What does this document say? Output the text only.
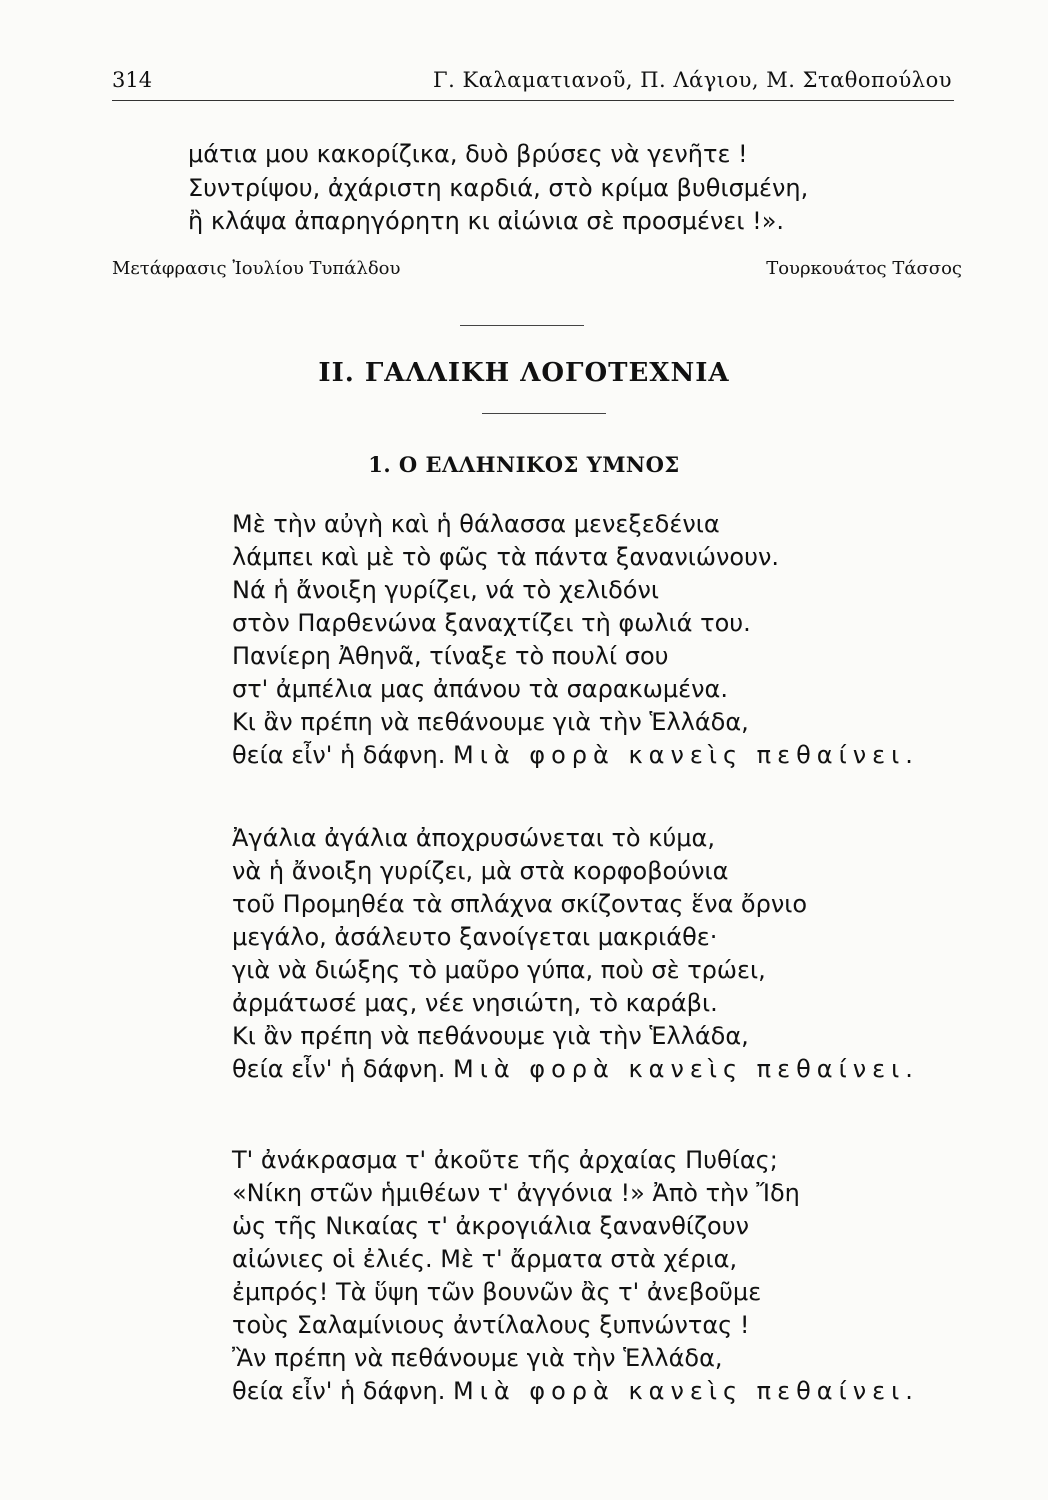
314	Γ. Καλαματιανοῦ, Π. Λάγιου, Μ. Σταθοπούλου
μάτια μου κακορίζικα, δυὸ βρύσες νὰ γενῆτε !
Συντρίψου, ἀχάριστη καρδιά, στὸ κρίμα βυθισμένη,
ἢ κλάψα ἀπαρηγόρητη κι αἰώνια σὲ προσμένει !».
Μετάφρασις Ἰουλίου Τυπάλδου	Τουρκουάτος Τάσσος
II. ΓΑΛΛΙΚΗ ΛΟΓΟΤΕΧΝΙΑ
1. Ο ΕΛΛΗΝΙΚΟΣ ΥΜΝΟΣ
Μὲ τὴν αὐγὴ καὶ ἡ θάλασσα μενεξεδένια
λάμπει καὶ μὲ τὸ φῶς τὰ πάντα ξανανιώνουν.
Νά ἡ ἄνοιξη γυρίζει, νά τὸ χελιδόνι
στὸν Παρθενώνα ξαναχτίζει τὴ φωλιά του.
Πανίερη Ἀθηνᾶ, τίναξε τὸ πουλί σου
στ' ἀμπέλια μας ἀπάνου τὰ σαρακωμένα.
Κι ἂν πρέπη νὰ πεθάνουμε γιὰ τὴν Ἑλλάδα,
θεία εἶν' ἡ δάφνη. Μιὰ φορὰ κανεὶς πεθαίνει.
Ἀγάλια ἀγάλια ἀποχρυσώνεται τὸ κύμα,
νὰ ἡ ἄνοιξη γυρίζει, μὰ στὰ κορφοβούνια
τοῦ Προμηθέα τὰ σπλάχνα σκίζοντας ἕνα ὄρνιο
μεγάλο, ἀσάλευτο ξανοίγεται μακριάθε·
γιὰ νὰ διώξης τὸ μαῦρο γύπα, ποὺ σὲ τρώει,
ἀρμάτωσέ μας, νέε νησιώτη, τὸ καράβι.
Κι ἂν πρέπη νὰ πεθάνουμε γιὰ τὴν Ἑλλάδα,
θεία εἶν' ἡ δάφνη. Μιὰ φορὰ κανεὶς πεθαίνει.
Τ' ἀνάκρασμα τ' ἀκοῦτε τῆς ἀρχαίας Πυθίας;
«Νίκη στῶν ἡμιθέων τ' ἀγγόνια !» Ἀπὸ τὴν Ἴδη
ὡς τῆς Νικαίας τ' ἀκρογιάλια ξανανθίζουν
αἰώνιες οἱ ἐλιές. Μὲ τ' ἄρματα στὰ χέρια,
ἐμπρός! Τὰ ὕψη τῶν βουνῶν ἂς τ' ἀνεβοῦμε
τοὺς Σαλαμίνιους ἀντίλαλους ξυπνώντας !
Ἂν πρέπη νὰ πεθάνουμε γιὰ τὴν Ἑλλάδα,
θεία εἶν' ἡ δάφνη. Μιὰ φορὰ κανεὶς πεθαίνει.
